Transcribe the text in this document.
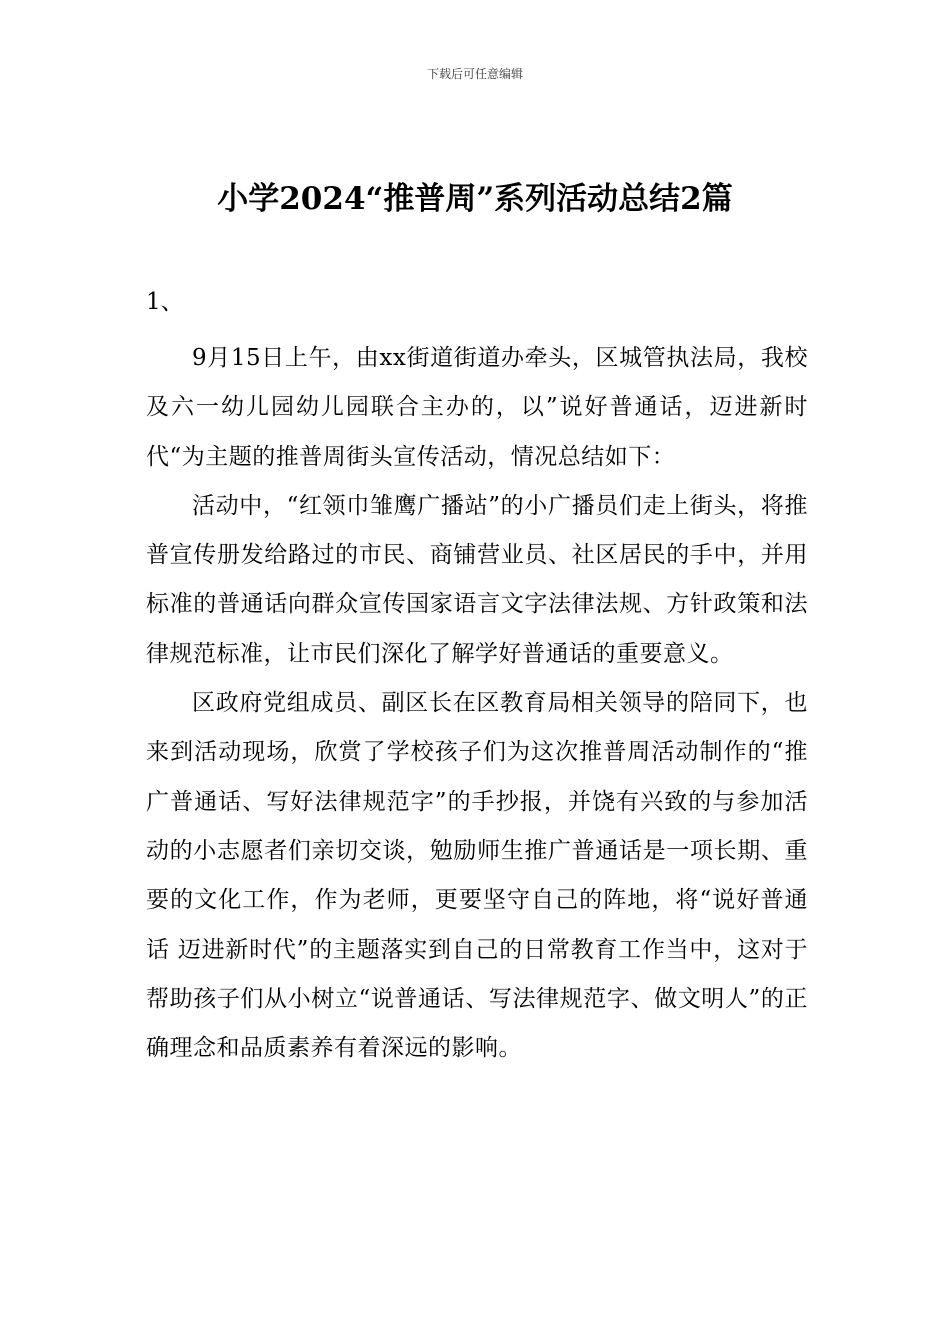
下载后可任意编辑
小学2024“推普周”系列活动总结2篇

1、

9月15日上午，由xx街道街道办牵头，区城管执法局，我校及六一幼儿园幼儿园联合主办的，以”说好普通话，迈进新时代“为主题的推普周街头宣传活动，情况总结如下：

活动中，“红领巾雏鹰广播站”的小广播员们走上街头，将推普宣传册发给路过的市民、商铺营业员、社区居民的手中，并用标准的普通话向群众宣传国家语言文字法律法规、方针政策和法律规范标准，让市民们深化了解学好普通话的重要意义。

区政府党组成员、副区长在区教育局相关领导的陪同下，也来到活动现场，欣赏了学校孩子们为这次推普周活动制作的“推广普通话、写好法律规范字”的手抄报，并饶有兴致的与参加活动的小志愿者们亲切交谈，勉励师生推广普通话是一项长期、重要的文化工作，作为老师，更要坚守自己的阵地，将“说好普通话 迈进新时代”的主题落实到自己的日常教育工作当中，这对于帮助孩子们从小树立“说普通话、写法律规范字、做文明人”的正确理念和品质素养有着深远的影响。
